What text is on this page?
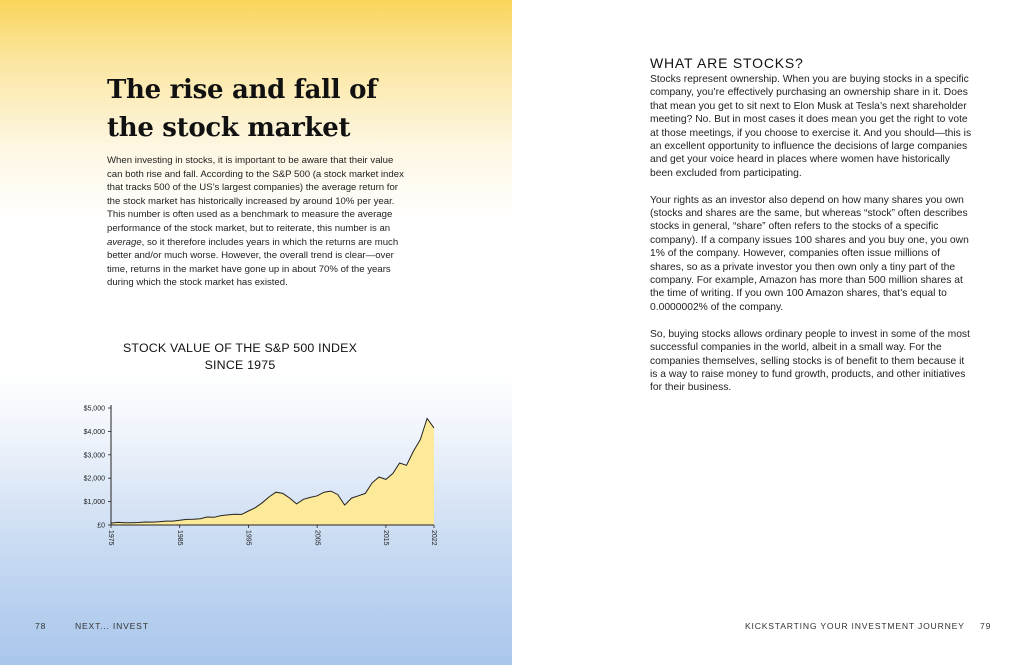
The rise and fall of
the stock market

When investing in stocks, it is important to be aware that their value can both rise and fall. According to the S&P 500 (a stock market index that tracks 500 of the US’s largest companies) the average return for the stock market has historically increased by around 10% per year. This number is often used as a benchmark to measure the average performance of the stock market, but to reiterate, this number is an average, so it therefore includes years in which the returns are much better and/or much worse. However, the overall trend is clear—over time, returns in the market have gone up in about 70% of the years during which the stock market has existed.

STOCK VALUE OF THE S&P 500 INDEX
SINCE 1975
£0
$1,000
$2,000
$3,000
$4,000
$5,000
1975	1985	1995	2005	2015	2022
78	NEXT... INVEST
WHAT ARE STOCKS?

Stocks represent ownership. When you are buying stocks in a specific company, you’re effectively purchasing an ownership share in it. Does that mean you get to sit next to Elon Musk at Tesla’s next shareholder meeting? No. But in most cases it does mean you get the right to vote at those meetings, if you choose to exercise it. And you should—this is an excellent opportunity to influence the decisions of large companies and get your voice heard in places where women have historically been excluded from participating.

Your rights as an investor also depend on how many shares you own (stocks and shares are the same, but whereas “stock” often describes stocks in general, “share” often refers to the stocks of a specific company). If a company issues 100 shares and you buy one, you own 1% of the company. However, companies often issue millions of shares, so as a private investor you then own only a tiny part of the company. For example, Amazon has more than 500 million shares at the time of writing. If you own 100 Amazon shares, that’s equal to 0.0000002% of the company.

So, buying stocks allows ordinary people to invest in some of the most successful companies in the world, albeit in a small way. For the companies themselves, selling stocks is of benefit to them because it is a way to raise money to fund growth, products, and other initiatives for their business.

KICKSTARTING YOUR INVESTMENT JOURNEY 79
